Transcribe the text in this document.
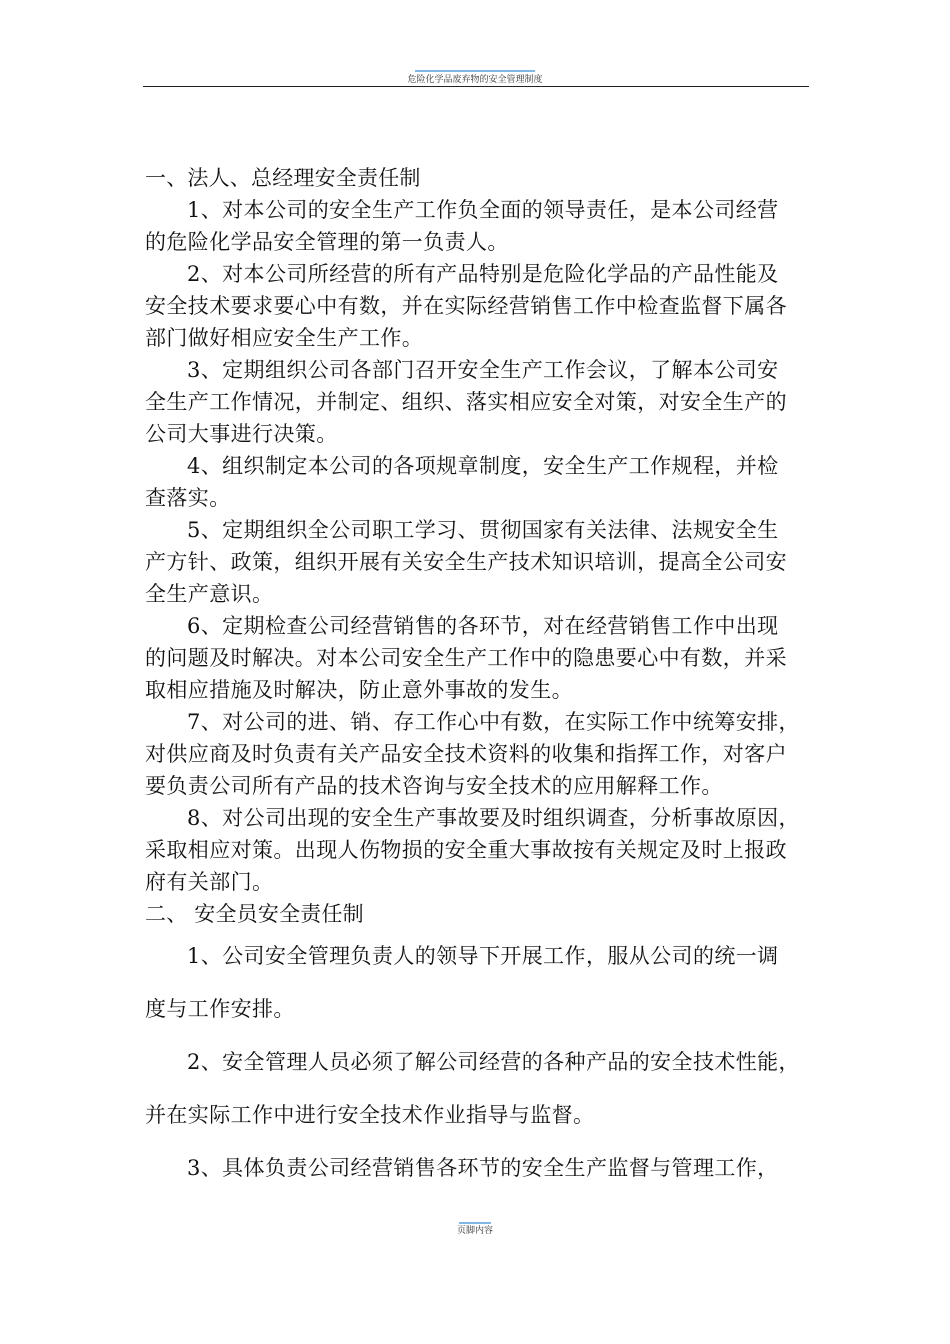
危险化学品废弃物的安全管理制度
一、法人、总经理安全责任制
1、对本公司的安全生产工作负全面的领导责任，是本公司经营
的危险化学品安全管理的第一负责人。
2、对本公司所经营的所有产品特别是危险化学品的产品性能及
安全技术要求要心中有数，并在实际经营销售工作中检查监督下属各
部门做好相应安全生产工作。
3、定期组织公司各部门召开安全生产工作会议，了解本公司安
全生产工作情况，并制定、组织、落实相应安全对策，对安全生产的
公司大事进行决策。
4、组织制定本公司的各项规章制度，安全生产工作规程，并检
查落实。
5、定期组织全公司职工学习、贯彻国家有关法律、法规安全生
产方针、政策，组织开展有关安全生产技术知识培训，提高全公司安
全生产意识。
6、定期检查公司经营销售的各环节，对在经营销售工作中出现
的问题及时解决。对本公司安全生产工作中的隐患要心中有数，并采
取相应措施及时解决，防止意外事故的发生。
7、对公司的进、销、存工作心中有数，在实际工作中统筹安排，
对供应商及时负责有关产品安全技术资料的收集和指挥工作，对客户
要负责公司所有产品的技术咨询与安全技术的应用解释工作。
8、对公司出现的安全生产事故要及时组织调查，分析事故原因，
采取相应对策。出现人伤物损的安全重大事故按有关规定及时上报政
府有关部门。
二、 安全员安全责任制
1、公司安全管理负责人的领导下开展工作，服从公司的统一调
度与工作安排。
2、安全管理人员必须了解公司经营的各种产品的安全技术性能，
并在实际工作中进行安全技术作业指导与监督。
3、具体负责公司经营销售各环节的安全生产监督与管理工作，
页脚内容
